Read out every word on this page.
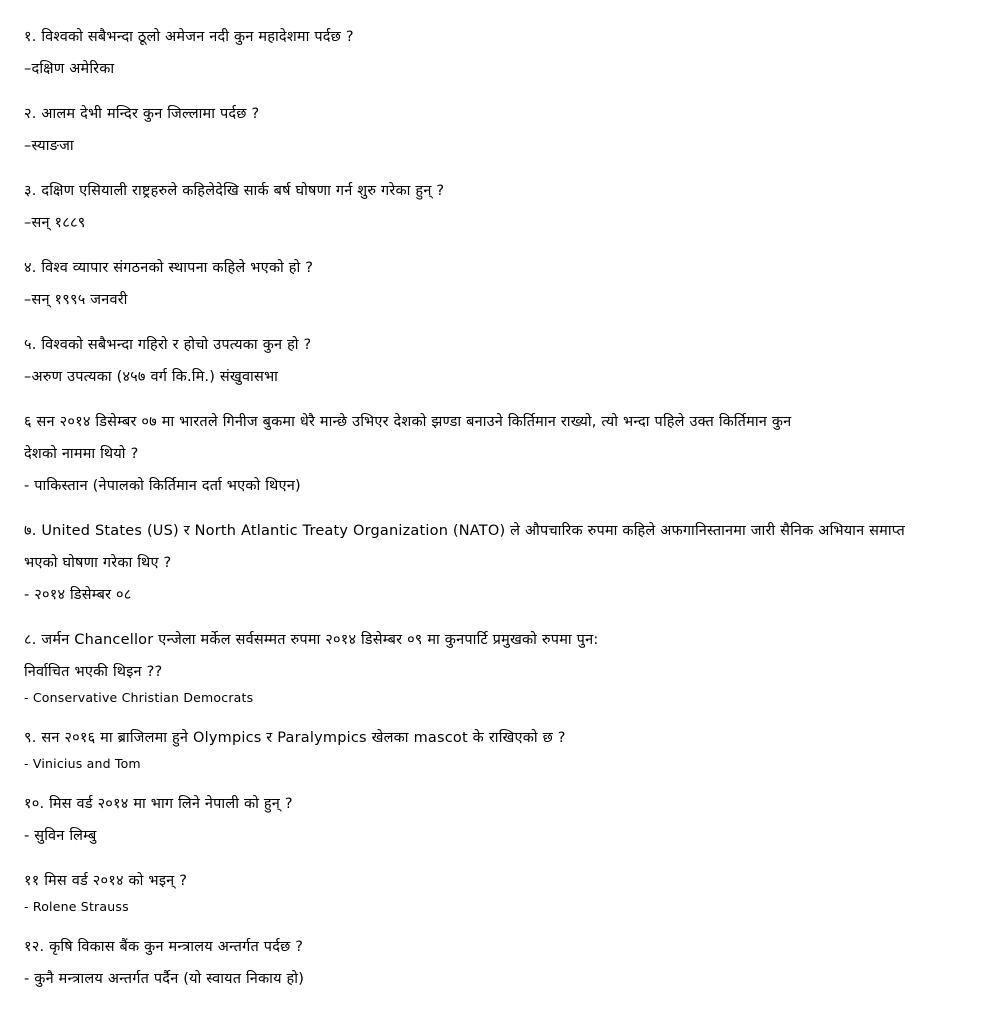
१. विश्वको सबैभन्दा ठूलो अमेजन नदी कुन महादेशमा पर्दछ ?
–दक्षिण अमेरिका
२. आलम देभी मन्दिर कुन जिल्लामा पर्दछ ?
–स्याङजा
३. दक्षिण एसियाली राष्ट्रहरुले कहिलेदेखि सार्क बर्ष घोषणा गर्न शुरु गरेका हुन् ?
–सन् १८८९
४. विश्व व्यापार संगठनको स्थापना कहिले भएको हो ?
–सन् १९९५ जनवरी
५. विश्वको सबैभन्दा गहिरो र होचो उपत्यका कुन हो ?
–अरुण उपत्यका (४५७ वर्ग कि.मि.) संखुवासभा
६ सन २०१४ डिसेम्बर ०७ मा भारतले गिनीज बुकमा धेरै मान्छे उभिएर देशको झण्डा बनाउने किर्तिमान राख्यो, त्यो भन्दा पहिले उक्त किर्तिमान कुन
देशको नाममा थियो ?
- पाकिस्तान (नेपालको किर्तिमान दर्ता भएको थिएन)
७. United States (US) र North Atlantic Treaty Organization (NATO) ले औपचारिक रुपमा कहिले अफगानिस्तानमा जारी सैनिक अभियान समाप्त
भएको घोषणा गरेका थिए ?
- २०१४ डिसेम्बर ०८
८. जर्मन Chancellor एन्जेला मर्केल सर्वसम्मत रुपमा २०१४ डिसेम्बर ०९ मा कुनपार्टि प्रमुखको रुपमा पुन:
निर्वाचित भएकी थिइन ??
- Conservative Christian Democrats
९. सन २०१६ मा ब्राजिलमा हुने Olympics र Paralympics खेलका mascot के राखिएको छ ?
- Vinicius and Tom
१०. मिस वर्ड २०१४ मा भाग लिने नेपाली को हुन् ?
- सुविन लिम्बु
११ मिस वर्ड २०१४ को भइन् ?
- Rolene Strauss
१२. कृषि विकास बैंक कुन मन्त्रालय अन्तर्गत पर्दछ ?
- कुनै मन्त्रालय अन्तर्गत पर्दैन (यो स्वायत निकाय हो)
